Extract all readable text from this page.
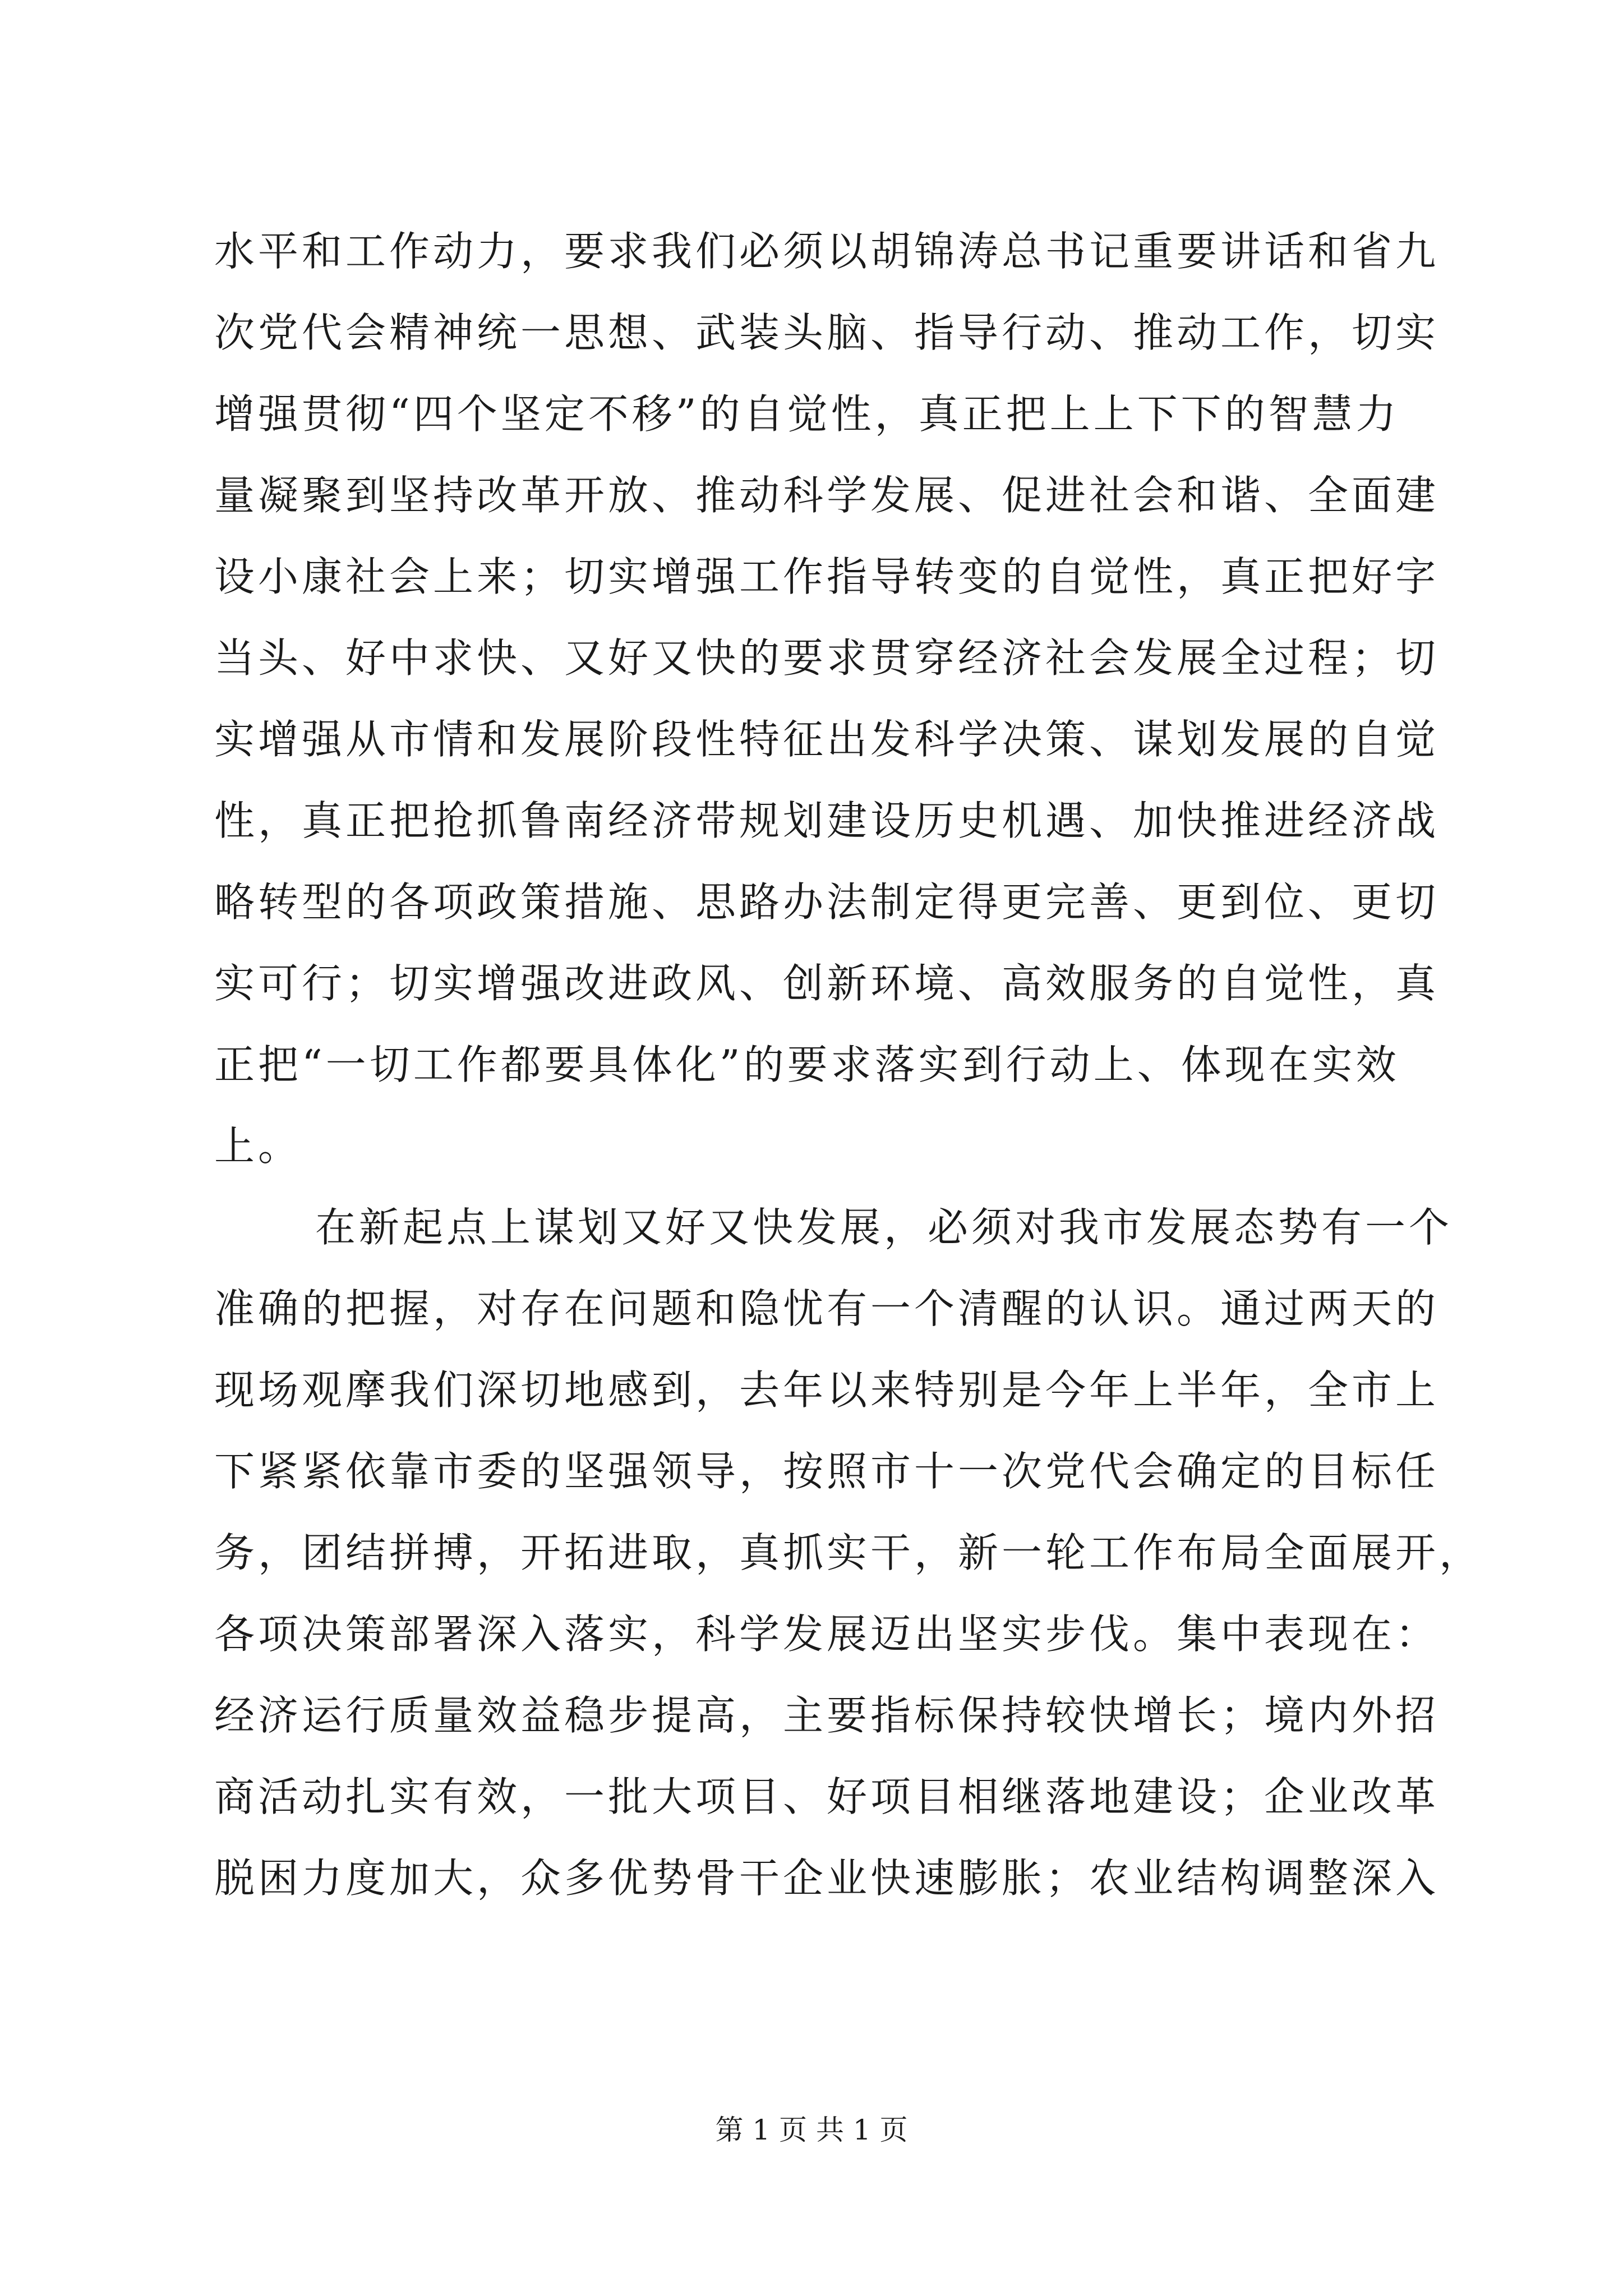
水平和工作动力，要求我们必须以胡锦涛总书记重要讲话和省九
次党代会精神统一思想、武装头脑、指导行动、推动工作，切实
增强贯彻“四个坚定不移”的自觉性，真正把上上下下的智慧力
量凝聚到坚持改革开放、推动科学发展、促进社会和谐、全面建
设小康社会上来；切实增强工作指导转变的自觉性，真正把好字
当头、好中求快、又好又快的要求贯穿经济社会发展全过程；切
实增强从市情和发展阶段性特征出发科学决策、谋划发展的自觉
性，真正把抢抓鲁南经济带规划建设历史机遇、加快推进经济战
略转型的各项政策措施、思路办法制定得更完善、更到位、更切
实可行；切实增强改进政风、创新环境、高效服务的自觉性，真
正把“一切工作都要具体化”的要求落实到行动上、体现在实效
上。
在新起点上谋划又好又快发展，必须对我市发展态势有一个
准确的把握，对存在问题和隐忧有一个清醒的认识。通过两天的
现场观摩我们深切地感到，去年以来特别是今年上半年，全市上
下紧紧依靠市委的坚强领导，按照市十一次党代会确定的目标任
务，团结拼搏，开拓进取，真抓实干，新一轮工作布局全面展开，
各项决策部署深入落实，科学发展迈出坚实步伐。集中表现在：
经济运行质量效益稳步提高，主要指标保持较快增长；境内外招
商活动扎实有效，一批大项目、好项目相继落地建设；企业改革
脱困力度加大，众多优势骨干企业快速膨胀；农业结构调整深入
第 1 页 共 1 页
